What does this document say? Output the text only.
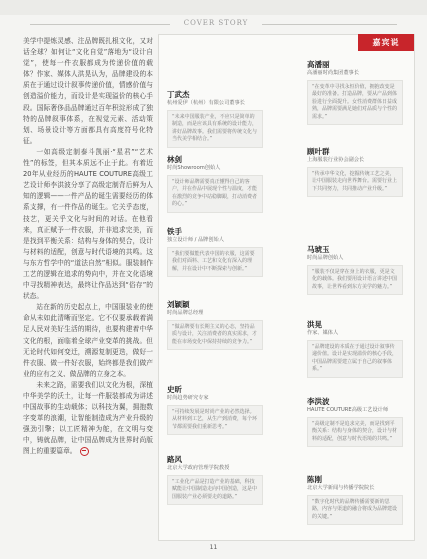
COVER STORY

美学中提炼灵感、注品牌既扎根文化，又对话全球？如何让“文化自觉”落地为“设计自觉”，使每一件衣服都成为传递价值的载体？作家、媒体人洪晃认为，品牌建设的本质在于通过设计叙事传递价值，情感价值与创造溢价能力，而设计是实现溢价的核心手段。国际奢侈品品牌通过百年积淀形成了独特的品牌叙事体系，在视觉元素、活动策划、场景设计等方面都具有高度符号化特征。

一如高级定制泰斗凯丽·“星君”“艺术性”的标签，但其本质远不止于此。有着近20年从业经历的HAUTE COUTURE高级工艺设计师李洪波分享了高级定制背后鲜为人知的逻辑——一件产品的诞生需要经历的体系支撑，有一件作品的诞生。它关乎态度，技艺，更关乎文化与时间的对话。在他看来，真正赋予一件衣服，并非追求完美，而是找到平衡关系：结构与身体的契合，设计与材料的适配，创意与时代语境的共鸣。这与东方哲学中的“道法自然”相似。服装制作工艺的逻辑在追求的势向中，并在文化语境中寻找精神表达，最终让作品达到“俗存”的状态。

站在新的历史起点上，中国服装业的使命从未如此清晰而坚定。它不仅要承载着满足人民对美好生活的期待，也要构建着中华文化的根，面临着全球产业变革的挑战。但无论时代如何变迁，溯源复制更迭，做好一件衣服、做一件好衣服，始终都是我们做产业的应有之义、做品牌的立身之本。

未来之路，需要我们以文化为根，深植中华美学的沃土，让每一件服装都成为讲述中国故事的生动载体；以科技为翼，拥抱数字变革的浪潮，让智能制造成为产业升级的强劲引擎；以工匠精神为舵，在文明与变中，铸就品牌，让中国品牌成为世界时尚版图上的重要篇章。

嘉宾说
丁武杰
杭州爱伊（杭州）有限公司董事长
“未来中国服装产业，不应只是简单的制造，而是应该具有系统的设计能力，讲好品牌故事。我们需要将传统文化与当代美学相结合。”
高潘丽
高潘丽时尚集团董事长
“在变革中寻找永恒价值，拥抱改变是最好的准备。打造品牌，要从产品到体验进行全面提升。女性消费群体日益成熟，品牌需要满足她们对品质与个性的需求。”
林剑
时尚Showroom创始人
“设计师品牌需要真正懂得自己的客户，并在作品中展现个性与温度，才能在激烈的竞争中站稳脚跟，打动消费者的心。”
顾叶群
上海服装行业协会副会长
“传承中华文化，挖掘传统工艺之美，让中国服装走向世界舞台。需要行业上下共同努力，共同推动产业升级。”
铁手
独立设计师 / 品牌创始人
“我们要做能代表中国的衣服，这需要我们对面料、工艺和文化有深入的理解，并在设计中不断探索与创新。”
马琥玉
时尚品牌创始人
“服装不仅是穿在身上的衣服，更是文化的载体。我们要用设计语言讲述中国故事，让世界看到东方美学的魅力。”
刘颖颖
时尚品牌总经理
“做品牌要有长期主义的心态，坚持品质与设计，关注消费者的真实需求，才能在市场变化中保持持续的竞争力。”
洪晃
作家、媒体人
“品牌建设的本质在于通过设计叙事传递价值。设计是实现溢价的核心手段，中国品牌需要建立属于自己的叙事体系。”
史昕
时尚趋势研究专家
“可持续发展是时尚产业的必然选择。从材料到工艺，从生产到消费，每个环节都需要我们重新思考。”
李洪波
HAUTE COUTURE高级工艺设计师
“高级定制不是追求完美，而是找到平衡关系：结构与身体的契合，设计与材料的适配，创意与时代语境的共鸣。”
路风
北京大学政府管理学院教授
“工业化产品是打造产业的基础，科技赋能让中国制造走向中国创造，这是中国服装产业必须要走的道路。”
陈刚
北京大学新闻与传播学院院长
“数字化时代的品牌传播需要新的思路，内容与渠道的融合将成为品牌建设的关键。”
11
